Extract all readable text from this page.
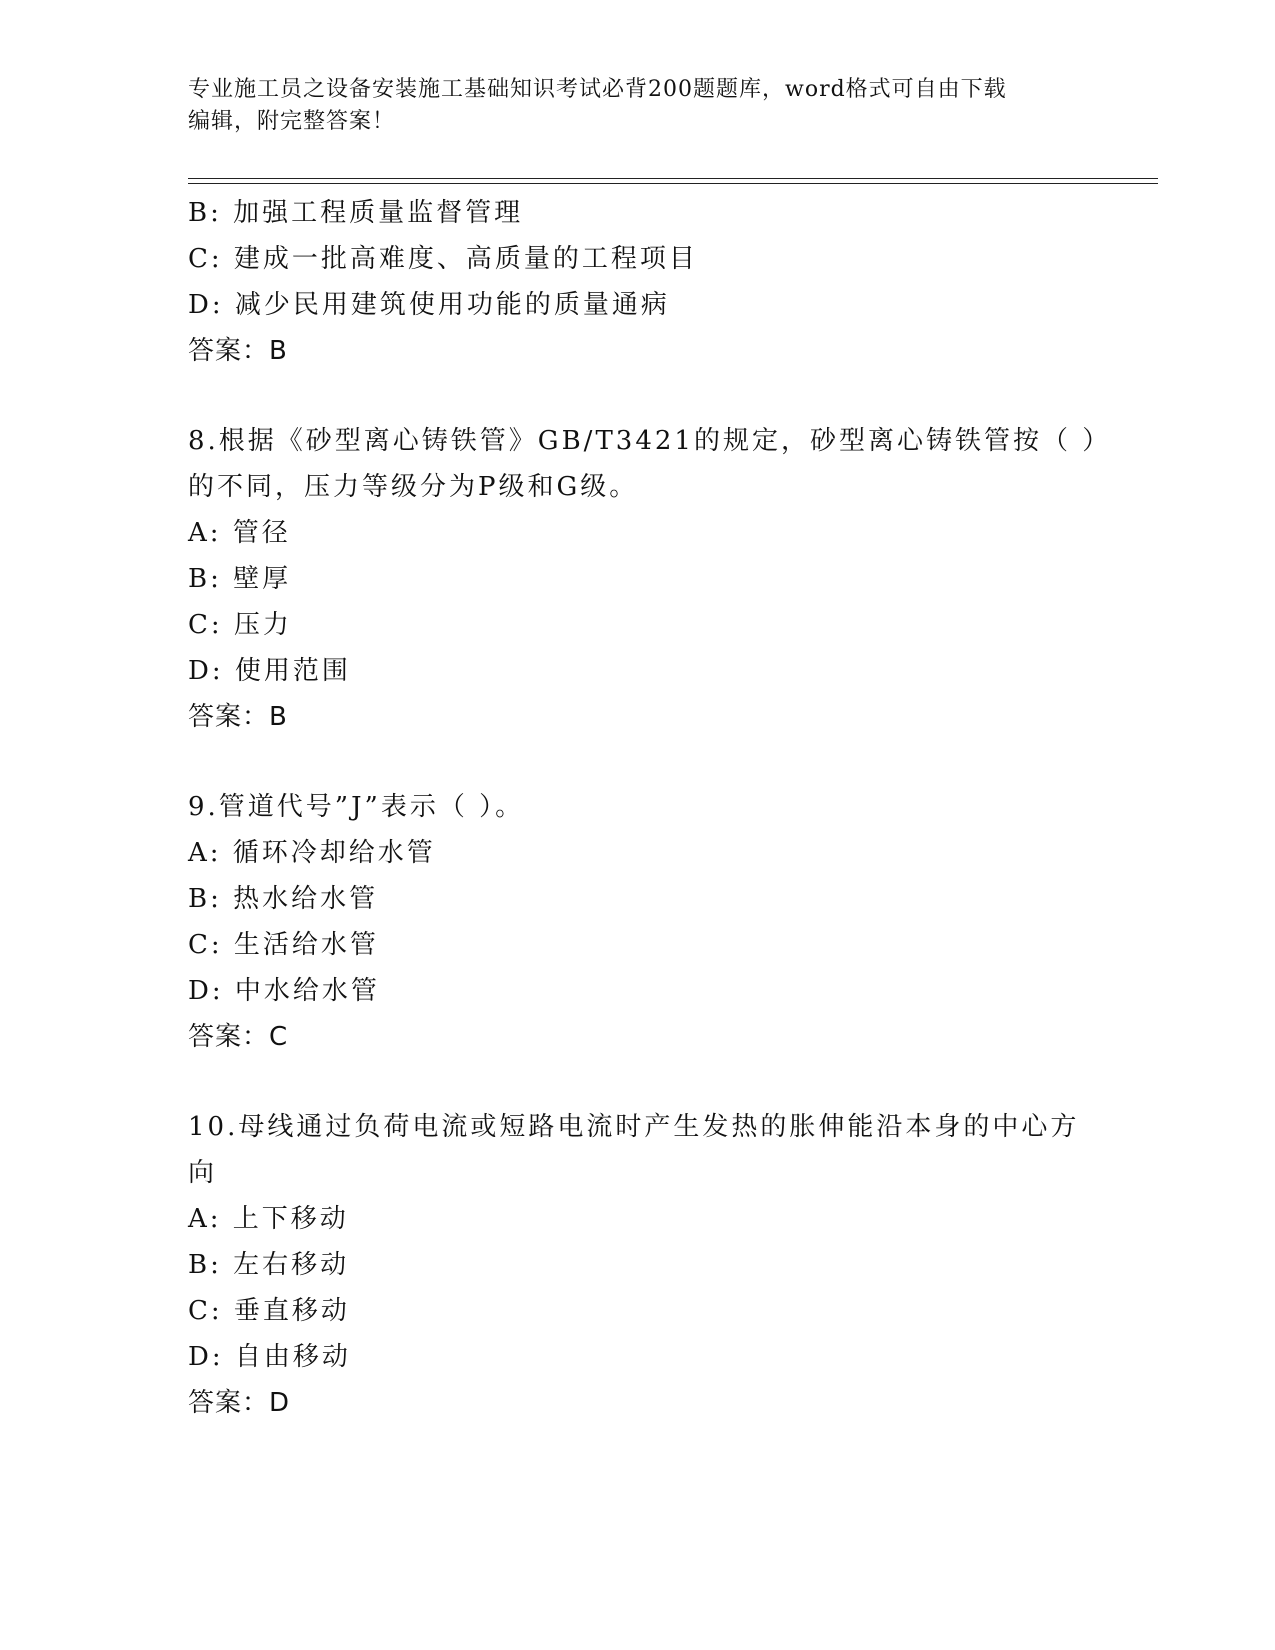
专业施工员之设备安装施工基础知识考试必背200题题库，word格式可自由下载
编辑，附完整答案！
B: 加强工程质量监督管理
C: 建成一批高难度、高质量的工程项目
D: 减少民用建筑使用功能的质量通病
答案：B
8.根据《砂型离心铸铁管》GB/T3421的规定，砂型离心铸铁管按（ ）
的不同，压力等级分为P级和G级。
A: 管径
B: 壁厚
C: 压力
D: 使用范围
答案：B
9.管道代号”J”表示（ ）。
A: 循环冷却给水管
B: 热水给水管
C: 生活给水管
D: 中水给水管
答案：C
10.母线通过负荷电流或短路电流时产生发热的胀伸能沿本身的中心方
向
A: 上下移动
B: 左右移动
C: 垂直移动
D: 自由移动
答案：D
